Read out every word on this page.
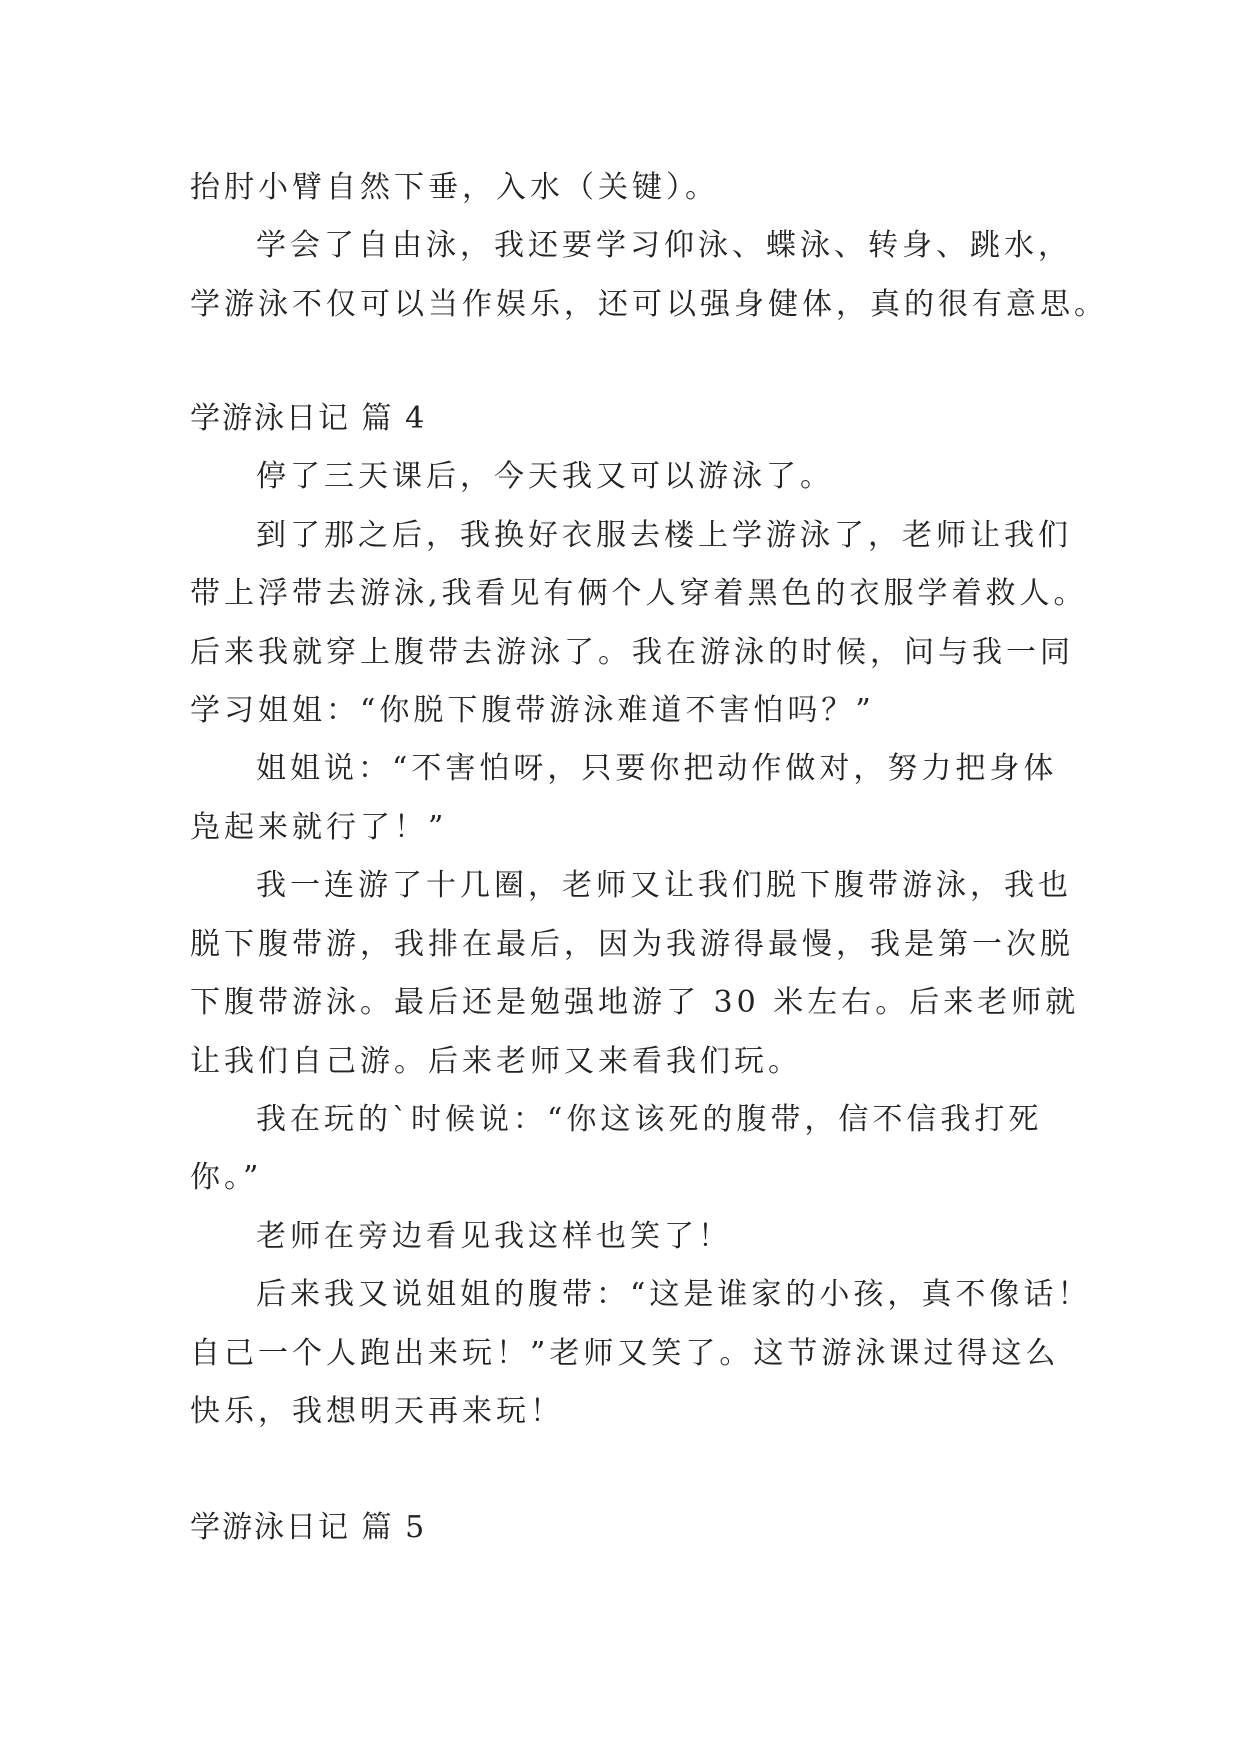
抬肘小臂自然下垂，入水（关键）。

学会了自由泳，我还要学习仰泳、蝶泳、转身、跳水，

学游泳不仅可以当作娱乐，还可以强身健体，真的很有意思。

学游泳日记 篇 4

停了三天课后，今天我又可以游泳了。

到了那之后，我换好衣服去楼上学游泳了，老师让我们

带上浮带去游泳,我看见有俩个人穿着黑色的衣服学着救人。

后来我就穿上腹带去游泳了。我在游泳的时候，问与我一同

学习姐姐：“你脱下腹带游泳难道不害怕吗？”

姐姐说：“不害怕呀，只要你把动作做对，努力把身体

凫起来就行了！”

我一连游了十几圈，老师又让我们脱下腹带游泳，我也

脱下腹带游，我排在最后，因为我游得最慢，我是第一次脱

下腹带游泳。最后还是勉强地游了 30 米左右。后来老师就

让我们自己游。后来老师又来看我们玩。

我在玩的`时候说：“你这该死的腹带，信不信我打死

你。”

老师在旁边看见我这样也笑了！

后来我又说姐姐的腹带：“这是谁家的小孩，真不像话！

自己一个人跑出来玩！”老师又笑了。这节游泳课过得这么

快乐，我想明天再来玩！

学游泳日记 篇 5
